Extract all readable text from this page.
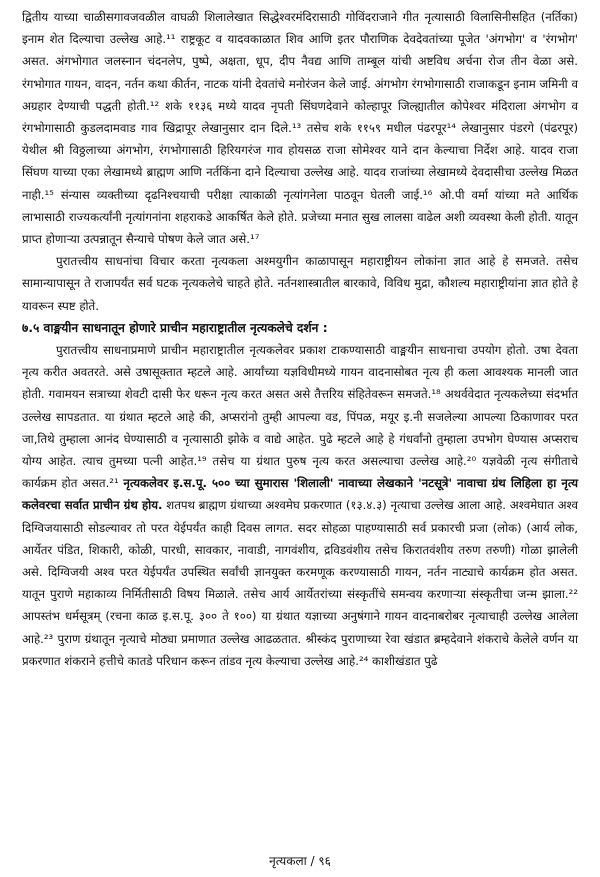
द्वितीय याच्या चाळीसगावजवळील वाघळी शिलालेखात सिद्धेश्वरमंदिरासाठी गोविंदराजाने गीत नृत्यासाठी विलासिनीसहित (नर्तिका) इनाम शेत दिल्याचा उल्लेख आहे.¹¹ राष्ट्रकूट व यादवकाळात शिव आणि इतर पौराणिक देवदेवतांच्या पूजेत 'अंगभोग' व 'रंगभोग' असत. अंगभोगात जलस्नान चंदनलेप, पुष्पे, अक्षता, धूप, दीप नैवद्य आणि ताम्बूल यांची अष्टविध अर्चना रोज तीन वेळा असे. रंगभोगात गायन, वादन, नर्तन कथा कीर्तन, नाटक यांनी देवतांचे मनोरंजन केले जाई. अंगभोग रंगभोगासाठी राजाकडून इनाम जमिनी व अग्रहार देण्याची पद्धती होती.¹² शके ११३६ मध्ये यादव नृपती सिंघणदेवाने कोल्हापूर जिल्ह्यातील कोपेश्वर मंदिराला अंगभोग व रंगभोगासाठी कुडलदामवाड गाव खिद्रापूर लेखानुसार दान दिले.¹³ तसेच शके ११५९ मधील पंढरपूर¹⁴ लेखानुसार पंडरगे (पंढरपूर) येथील श्री विठ्ठलाच्या अंगभोग, रंगभोगासाठी हिरियगरंज गाव होयसळ राजा सोमेश्वर याने दान केल्याचा निर्देश आहे. यादव राजा सिंघण याच्या एका लेखामध्ये ब्राह्मण आणि नर्तकिंना दाने दिल्याचा उल्लेख आहे. यादव राजांच्या लेखामध्ये देवदासीचा उल्लेख मिळत नाही.¹⁵ संन्यास व्यक्तीच्या दृढनिश्चयाची परीक्षा त्याकाळी नृत्यांगनेला पाठवून घेतली जाई.¹⁶ ओ.पी वर्मा यांच्या मते आर्थिक लाभासाठी राज्यकर्त्यांनी नृत्यांगनांना शहराकडे आकर्षित केले होते. प्रजेच्या मनात सुख लालसा वाढेल अशी व्यवस्था केली होती. यातून प्राप्त होणाऱ्या उत्पन्नातून सैन्याचे पोषण केले जात असे.¹⁷

पुरातत्त्वीय साधनांचा विचार करता नृत्यकला अश्मयुगीन काळापासून महाराष्ट्रीयन लोकांना ज्ञात आहे हे समजते. तसेच सामान्यापासून ते राजापर्यंत सर्व घटक नृत्यकलेचे चाहते होते. नर्तनशास्त्रातील बारकावे, विविध मुद्रा, कौशल्य महाराष्ट्रीयांना ज्ञात होते हे यावरून स्पष्ट होते.

७.५ वाङ्मयीन साधनातून होणारे प्राचीन महाराष्ट्रातील नृत्यकलेचे दर्शन :

पुरातत्त्वीय साधनाप्रमाणे प्राचीन महाराष्ट्रातील नृत्यकलेवर प्रकाश टाकण्यासाठी वाङ्मयीन साधनाचा उपयोग होतो. उषा देवता नृत्य करीत अवतरते. असे उषासूक्तात म्हटले आहे. आर्यांच्या यज्ञविधीमध्ये गायन वादनासोबत नृत्य ही कला आवश्यक मानली जात होती. गवामयन सत्राच्या शेवटी दासी फेर धरून नृत्य करत असत असे तैत्तरिय संहितेवरून समजते.¹⁸ अथर्ववेदात नृत्यकलेच्या संदर्भात उल्लेख सापडतात. या ग्रंथात म्हटले आहे की, अप्सरांनो तुम्ही आपल्या वड, पिंपळ, मयूर इ.नी सजलेल्या आपल्या ठिकाणावर परत जा,तिथे तुम्हाला आनंद घेण्यासाठी व नृत्यासाठी झोके व वाद्ये आहेत. पुढे म्हटले आहे हे गंधर्वांनो तुम्हाला उपभोग घेण्यास अप्सराच योग्य आहेत. त्याच तुमच्या पत्नी आहेत.¹⁹ तसेच या ग्रंथात पुरुष नृत्य करत असल्याचा उल्लेख आहे.²⁰ यज्ञवेळी नृत्य संगीताचे कार्यक्रम होत असत.²¹ नृत्यकलेवर इ.स.पू. ५०० च्या सुमारास 'शिलाली' नावाच्या लेखकाने 'नटसूत्रे' नावाचा ग्रंथ लिहिला हा नृत्य कलेवरचा सर्वात प्राचीन ग्रंथ होय. शतपथ ब्राह्मण ग्रंथाच्या अश्वमेघ प्रकरणात (१३.४.३) नृत्याचा उल्लेख आला आहे. अश्वमेघात अश्व दिग्विजयासाठी सोडल्यावर तो परत येईपर्यंत काही दिवस लागत. सदर सोहळा पाहण्यासाठी सर्व प्रकारची प्रजा (लोक) (आर्य लोक, आर्येतर पंडित, शिकारी, कोळी, पारधी, सावकार, नावाडी, नागवंशीय, द्रविडवंशीय तसेच किरातवंशीय तरुण तरुणी) गोळा झालेली असे. दिग्विजयी अश्व परत येईपर्यंत उपस्थित सर्वांची ज्ञानयुक्त करमणूक करण्यासाठी गायन, नर्तन नाट्याचे कार्यक्रम होत असत. यातून पुराणे महाकाव्य निर्मितीसाठी विषय मिळाले. तसेच आर्य आर्येतरांच्या संस्कृतींचे समन्वय करणाऱ्या संस्कृतीचा जन्म झाला.²² आपस्तंभ धर्मसूत्रम् (रचना काळ इ.स.पू. ३०० ते १००) या ग्रंथात यज्ञाच्या अनुषंगाने गायन वादनाबरोबर नृत्याचाही उल्लेख आलेला आहे.²³ पुराण ग्रंथातून नृत्याचे मोठ्या प्रमाणात उल्लेख आढळतात. श्रीस्कंद पुराणाच्या रेवा खंडात ब्रम्हदेवाने शंकराचे केलेले वर्णन या प्रकरणात शंकराने हत्तीचे कातडे परिधान करून तांडव नृत्य केल्याचा उल्लेख आहे.²⁴ काशीखंडात पुढे

नृत्यकला / ९६
